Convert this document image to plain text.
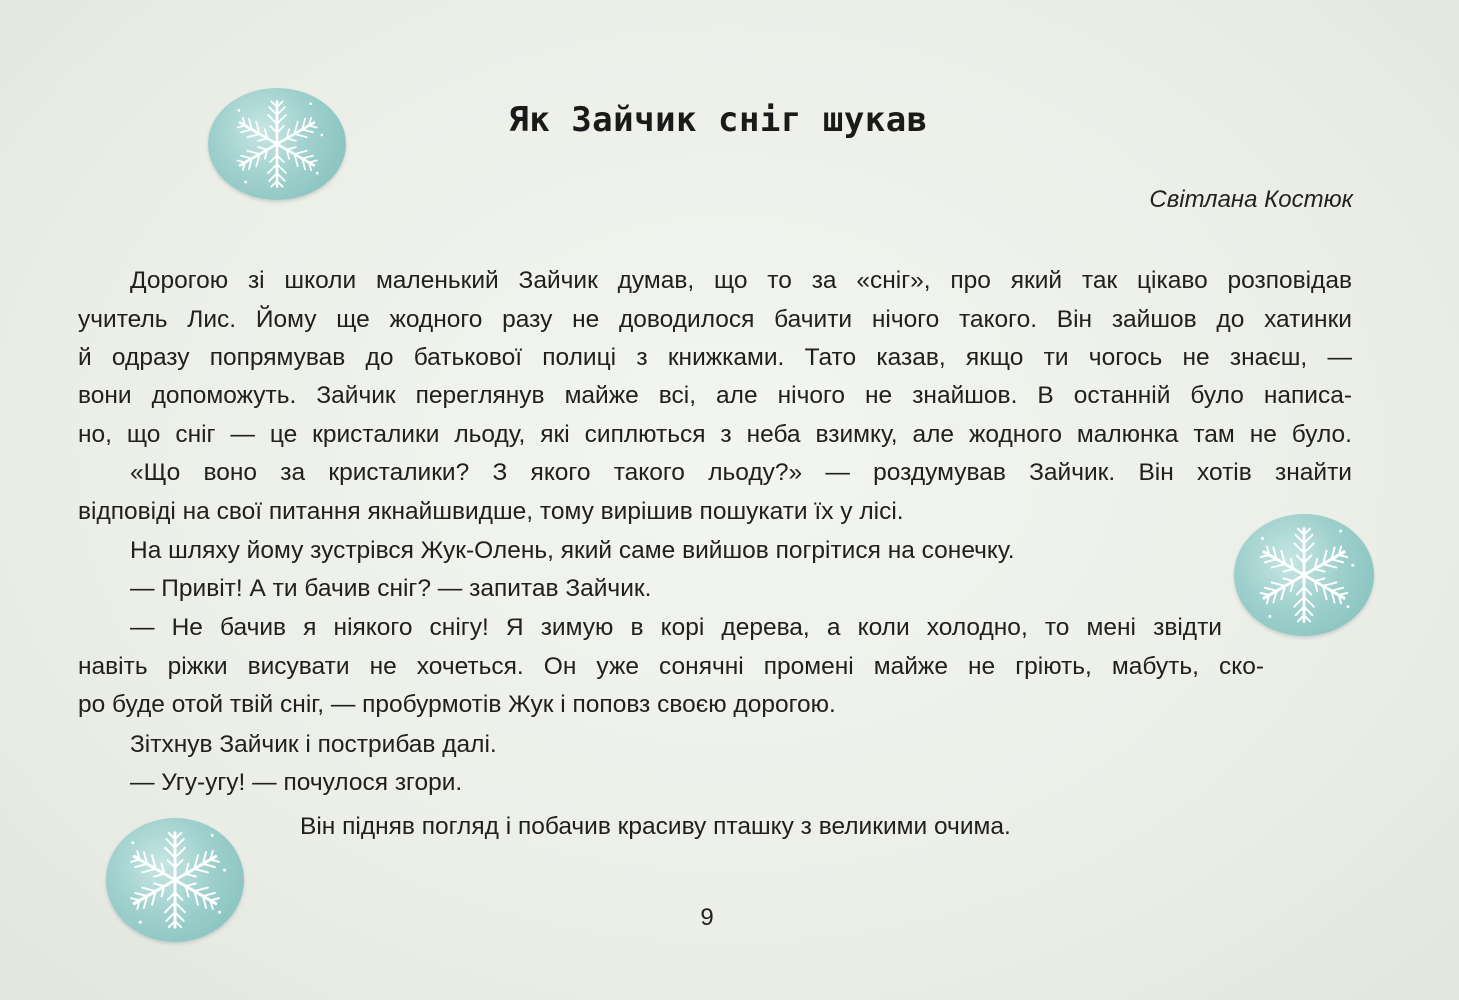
Як Зайчик сніг шукав
Світлана Костюк
Дорогою зі школи маленький Зайчик думав, що то за «сніг», про який так цікаво розповідав
учитель Лис. Йому ще жодного разу не доводилося бачити нічого такого. Він зайшов до хатинки
й одразу попрямував до батькової полиці з книжками. Тато казав, якщо ти чогось не знаєш, —
вони допоможуть. Зайчик переглянув майже всі, але нічого не знайшов. В останній було написа-
но, що сніг — це кристалики льоду, які сиплються з неба взимку, але жодного малюнка там не було.
«Що воно за кристалики? З якого такого льоду?» — роздумував Зайчик. Він хотів знайти
відповіді на свої питання якнайшвидше, тому вирішив пошукати їх у лісі.
На шляху йому зустрівся Жук-Олень, який саме вийшов погрітися на сонечку.
— Привіт! А ти бачив сніг? — запитав Зайчик.
— Не бачив я ніякого снігу! Я зимую в корі дерева, а коли холодно, то мені звідти
навіть ріжки висувати не хочеться. Он уже сонячні промені майже не гріють, мабуть, ско-
ро буде отой твій сніг, — пробурмотів Жук і поповз своєю дорогою.
Зітхнув Зайчик і пострибав далі.
— Угу-угу! — почулося згори.
Він підняв погляд і побачив красиву пташку з великими очима.
9
